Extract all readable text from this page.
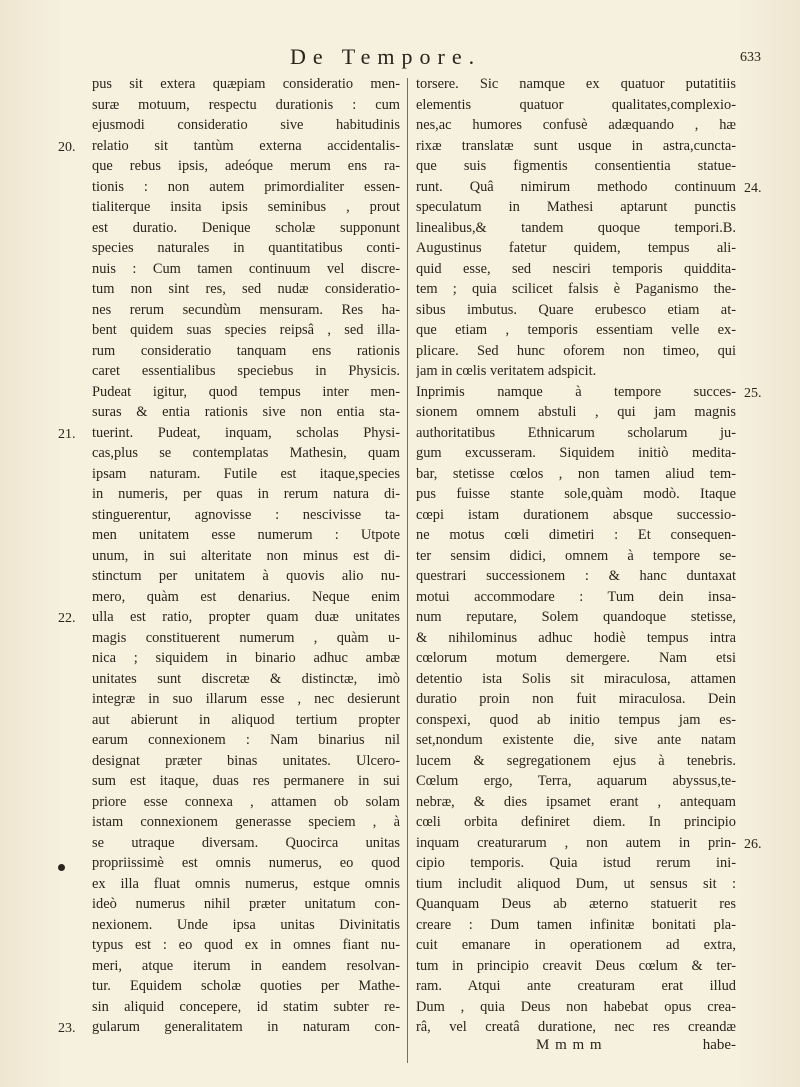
De Tempore.	633
pus sit extera quæpiam consideratio men-
suræ motuum, respectu durationis : cum
ejusmodi consideratio sive habitudinis
relatio sit tantùm externa accidentalis-
que rebus ipsis, adeóque merum ens ra-
tionis : non autem primordialiter essen-
tialiterque insita ipsis seminibus , prout
est duratio. Denique scholæ supponunt
species naturales in quantitatibus conti-
nuis : Cum tamen continuum vel discre-
tum non sint res, sed nudæ consideratio-
nes rerum secundùm mensuram. Res ha-
bent quidem suas species reipsâ , sed illa-
rum consideratio tanquam ens rationis
caret essentialibus speciebus in Physicis.
Pudeat igitur, quod tempus inter men-
suras & entia rationis sive non entia sta-
tuerint. Pudeat, inquam, scholas Physi-
cas,plus se contemplatas Mathesin, quam
ipsam naturam. Futile est itaque,species
in numeris, per quas in rerum natura di-
stinguerentur, agnovisse : nescivisse ta-
men unitatem esse numerum : Utpote
unum, in sui alteritate non minus est di-
stinctum per unitatem à quovis alio nu-
mero, quàm est denarius. Neque enim
ulla est ratio, propter quam duæ unitates
magis constituerent numerum , quàm u-
nica ; siquidem in binario adhuc ambæ
unitates sunt discretæ & distinctæ, imò
integræ in suo illarum esse , nec desierunt
aut abierunt in aliquod tertium propter
earum connexionem : Nam binarius nil
designat præter binas unitates. Ulcero-
sum est itaque, duas res permanere in sui
priore esse connexa , attamen ob solam
istam connexionem generasse speciem , à
se utraque diversam. Quocirca unitas
propriissimè est omnis numerus, eo quod
ex illa fluat omnis numerus, estque omnis
ideò numerus nihil præter unitatum con-
nexionem. Unde ipsa unitas Divinitatis
typus est : eo quod ex in omnes fiant nu-
meri, atque iterum in eandem resolvan-
tur. Equidem scholæ quoties per Mathe-
sin aliquid concepere, id statim subter re-
gularum generalitatem in naturam con-
torsere. Sic namque ex quatuor putatitiis
elementis quatuor qualitates,complexio-
nes,ac humores confusè adæquando , hæ
rixæ translatæ sunt usque in astra,cuncta-
que suis figmentis consentientia statue-
runt. Quâ nimirum methodo continuum
speculatum in Mathesi aptarunt punctis
linealibus,& tandem quoque tempori.B.
Augustinus fatetur quidem, tempus ali-
quid esse, sed nesciri temporis quiddita-
tem ; quia scilicet falsis è Paganismo the-
sibus imbutus. Quare erubesco etiam at-
que etiam , temporis essentiam velle ex-
plicare. Sed hunc oforem non timeo, qui
jam in cœlis veritatem adspicit.
Inprimis namque à tempore succes-
sionem omnem abstuli , qui jam magnis
authoritatibus Ethnicarum scholarum ju-
gum excusseram. Siquidem initiò medita-
bar, stetisse cœlos , non tamen aliud tem-
pus fuisse stante sole,quàm modò. Itaque
cœpi istam durationem absque successio-
ne motus cœli dimetiri : Et consequen-
ter sensim didici, omnem à tempore se-
questrari successionem : & hanc duntaxat
motui accommodare : Tum dein insa-
num reputare, Solem quandoque stetisse,
& nihilominus adhuc hodiè tempus intra
cœlorum motum demergere. Nam etsi
detentio ista Solis sit miraculosa, attamen
duratio proin non fuit miraculosa. Dein
conspexi, quod ab initio tempus jam es-
set,nondum existente die, sive ante natam
lucem & segregationem ejus à tenebris.
Cœlum ergo, Terra, aquarum abyssus,te-
nebræ, & dies ipsamet erant , antequam
cœli orbita definiret diem. In principio
inquam creaturarum , non autem in prin-
cipio temporis. Quia istud rerum ini-
tium includit aliquod Dum, ut sensus sit :
Quanquam Deus ab æterno statuerit res
creare : Dum tamen infinitæ bonitati pla-
cuit emanare in operationem ad extra,
tum in principio creavit Deus cœlum & ter-
ram. Atqui ante creaturam erat illud
Dum , quia Deus non habebat opus crea-
râ, vel creatâ duratione, nec res creandæ
20.
21.
22.
23.
24.
25.
26.
M m m m	habe-
